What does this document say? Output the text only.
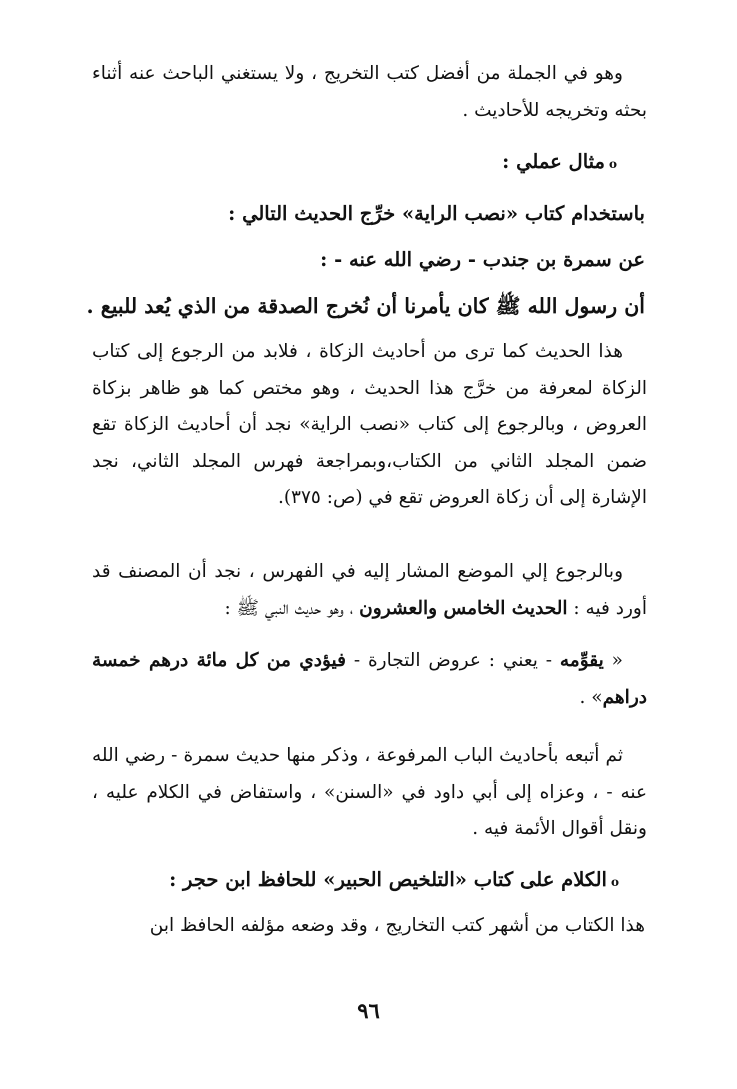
وهو في الجملة من أفضل كتب التخريج ، ولا يستغني الباحث عنه أثناء بحثه وتخريجه للأحاديث .
oمثال عملي :
باستخدام كتاب «نصب الراية» خرِّج الحديث التالي :
عن سمرة بن جندب - رضي الله عنه - :
أن رسول الله ﷺ كان يأمرنا أن نُخرج الصدقة من الذي يُعد للبيع .
هذا الحديث كما ترى من أحاديث الزكاة ، فلابد من الرجوع إلى كتاب الزكاة لمعرفة من خرَّج هذا الحديث ، وهو مختص كما هو ظاهر بزكاة العروض ، وبالرجوع إلى كتاب «نصب الراية» نجد أن أحاديث الزكاة تقع ضمن المجلد الثاني من الكتاب،وبمراجعة فهرس المجلد الثاني، نجد الإشارة إلى أن زكاة العروض تقع في (ص: ٣٧٥).
وبالرجوع إلي الموضع المشار إليه في الفهرس ، نجد أن المصنف قد أورد فيه : الحديث الخامس والعشرون ، وهو حديث النبي ﷺ :
« يقوِّمه - يعني : عروض التجارة - فيؤدي من كل مائة درهم خمسة دراهم» .
ثم أتبعه بأحاديث الباب المرفوعة ، وذكر منها حديث سمرة - رضي الله عنه - ، وعزاه إلى أبي داود في «السنن» ، واستفاض في الكلام عليه ، ونقل أقوال الأئمة فيه .
oالكلام على كتاب «التلخيص الحبير» للحافظ ابن حجر :
هذا الكتاب من أشهر كتب التخاريج ، وقد وضعه مؤلفه الحافظ ابن
٩٦
